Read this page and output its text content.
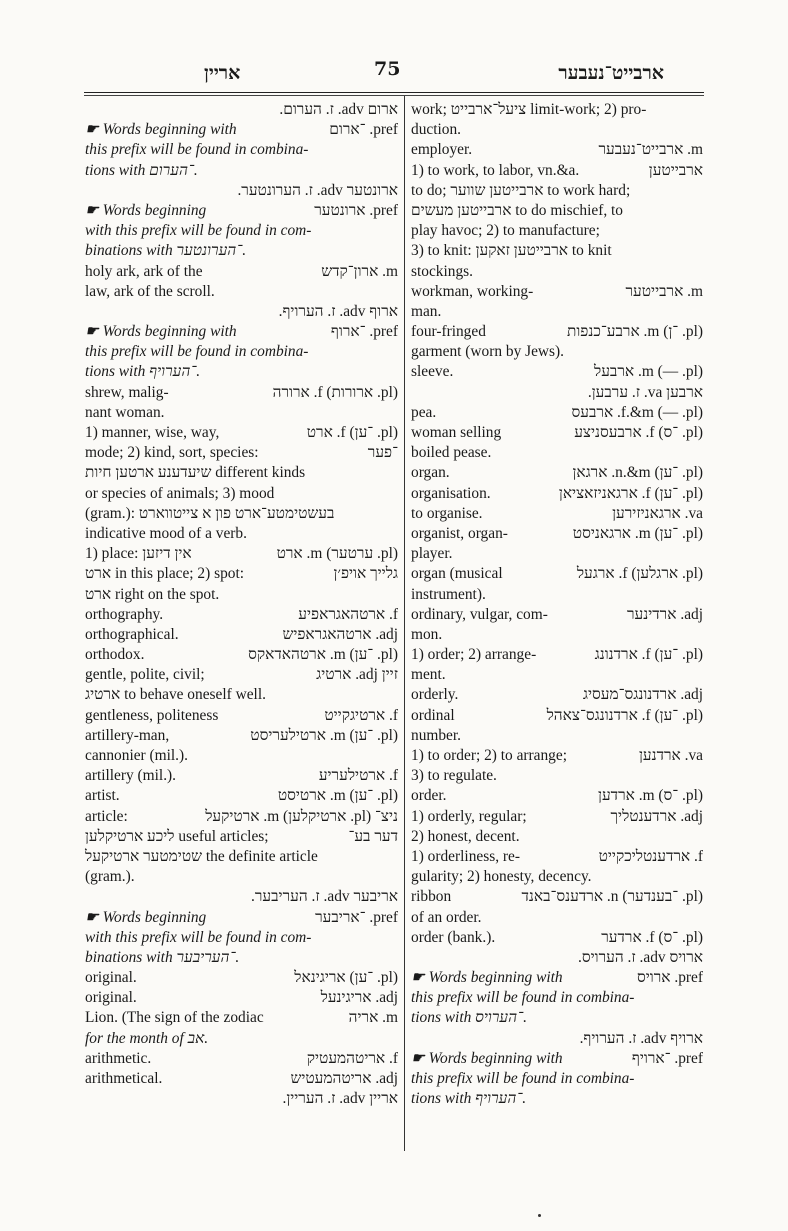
אריין	75	ארבייט־נעבער
ארום adv. ז. הערום.
☛ Words beginning with	pref. ־ארום
this prefix will be found in combina-
tions with ־הערום.
ארונטער adv. ז. הערונטער.
☛ Words beginning	pref. ארונטער
with this prefix will be found in com-
binations with ־הערונטער.
holy ark, ark of the	m. ארון־קדש
law, ark of the scroll.
ארוף adv. ז. הערויף.
☛ Words beginning with	pref. ־ארוף
this prefix will be found in combina-
tions with ־הערויף.
shrew, malig-	(pl. ארורות) f. ארורה
nant woman.
1) manner, wise, way,	(pl. ־ען) f. ארט
mode; 2) kind, sort, species:	־פער
שיעדענע ארטען חיות different kinds
or species of animals; 3) mood
(gram.): בעשטימטע־ארט פון א צייטווארט
indicative mood of a verb.
1) place: אין דיזען	(pl. ערטער) m. ארט
ארט in this place; 2) spot:	גלייך אויפ׳ן
ארט right on the spot.
orthography.	f. ארטהאגראפיע
orthographical.	adj. ארטהאגראפיש
orthodox.	(pl. ־ען) m. ארטהאדאקס
gentle, polite, civil;	זיין adj. ארטיג
ארטיג to behave oneself well.
gentleness, politeness	f. ארטיגקייט
artillery-man,	(pl. ־ען) m. ארטילעריסט
cannonier (mil.).
artillery (mil.).	f. ארטילעריע
artist.	(pl. ־ען) m. ארטיסט
article:	ניצ־ (pl. ארטיקלען) m. ארטיקעל
ליכע ארטיקלען useful articles;	דער בע־
שטימטער ארטיקעל the definite article
(gram.).
אריבער adv. ז. העריבער.
☛ Words beginning	pref. ־אריבער
with this prefix will be found in com-
binations with ־העריבער.
original.	(pl. ־ען) אריגינאל
original.	adj. אריגינעל
Lion. (The sign of the zodiac	m. אריה
for the month of אב.
arithmetic.	f. אריטהמעטיק
arithmetical.	adj. אריטהמעטיש
אריין adv. ז. העריין.
work; ציעל־ארבייט limit-work; 2) pro-
duction.
employer.	m. ארבייט־נעבער
1) to work, to labor, vn.&a.	ארבייטען
to do; ארבייטען שווער to work hard;
ארבייטען מעשים to do mischief, to
play havoc; 2) to manufacture;
3) to knit: ארבייטען זאקען to knit
stockings.
workman, working-	m. ארבייטער
man.
four-fringed	(pl. ־ן) m. ארבע־כנפות
garment (worn by Jews).
sleeve.	(pl. —) m. ארבעל
ארבען va. ז. ערבען.
pea.	(pl. —) f.&m. ארבעס
woman selling	(pl. ־ס) f. ארבעסניצע
boiled pease.
organ.	(pl. ־ען) n.&m. ארגאן
organisation.	(pl. ־ען) f. ארגאניזאציאן
to organise.	va. ארגאניזירען
organist, organ-	(pl. ־ען) m. ארגאניסט
player.
organ (musical	(pl. ארגלען) f. ארגעל
instrument).
ordinary, vulgar, com-	adj. ארדינער
mon.
1) order; 2) arrange-	(pl. ־ען) f. ארדנונג
ment.
orderly.	adj. ארדנונגס־מעסיג
ordinal	(pl. ־ען) f. ארדנונגס־צאהל
number.
1) to order; 2) to arrange;	va. ארדנען
3) to regulate.
order.	(pl. ־ס) m. ארדען
1) orderly, regular;	adj. ארדענטליך
2) honest, decent.
1) orderliness, re-	f. ארדענטליכקייט
gularity; 2) honesty, decency.
ribbon	(pl. ־בענדער) n. ארדענס־באנד
of an order.
order (bank.).	(pl. ־ס) f. ארדער
ארויס adv. ז. הערויס.
☛ Words beginning with	pref. ארויס
this prefix will be found in combina-
tions with ־הערויס.
ארויף adv. ז. הערויף.
☛ Words beginning with	pref. ־ארויף
this prefix will be found in combina-
tions with ־הערויף.
